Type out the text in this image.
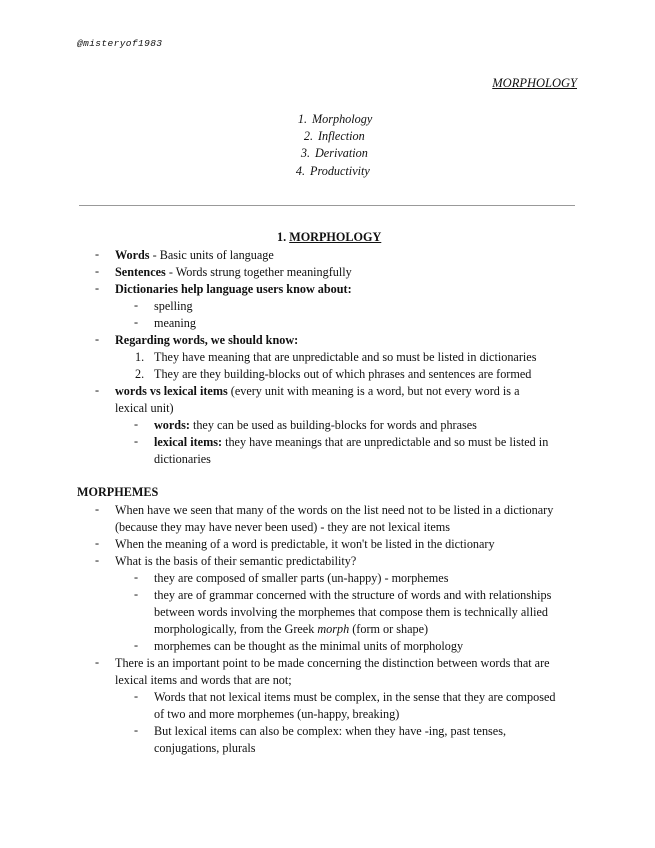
@misteryof1983
MORPHOLOGY
1. Morphology
2. Inflection
3. Derivation
4. Productivity
1. MORPHOLOGY
- Words - Basic units of language
- Sentences - Words strung together meaningfully
- Dictionaries help language users know about:
- spelling
- meaning
- Regarding words, we should know:
1. They have meaning that are unpredictable and so must be listed in dictionaries
2. They are they building-blocks out of which phrases and sentences are formed
- words vs lexical items (every unit with meaning is a word, but not every word is a
lexical unit)
- words: they can be used as building-blocks for words and phrases
- lexical items: they have meanings that are unpredictable and so must be listed in
dictionaries
MORPHEMES
- When have we seen that many of the words on the list need not to be listed in a dictionary
(because they may have never been used) - they are not lexical items
- When the meaning of a word is predictable, it won't be listed in the dictionary
- What is the basis of their semantic predictability?
- they are composed of smaller parts (un-happy) - morphemes
- they are of grammar concerned with the structure of words and with relationships
between words involving the morphemes that compose them is technically allied
morphologically, from the Greek morph (form or shape)
- morphemes can be thought as the minimal units of morphology
- There is an important point to be made concerning the distinction between words that are
lexical items and words that are not;
- Words that not lexical items must be complex, in the sense that they are composed
of two and more morphemes (un-happy, breaking)
- But lexical items can also be complex: when they have -ing, past tenses,
conjugations, plurals
